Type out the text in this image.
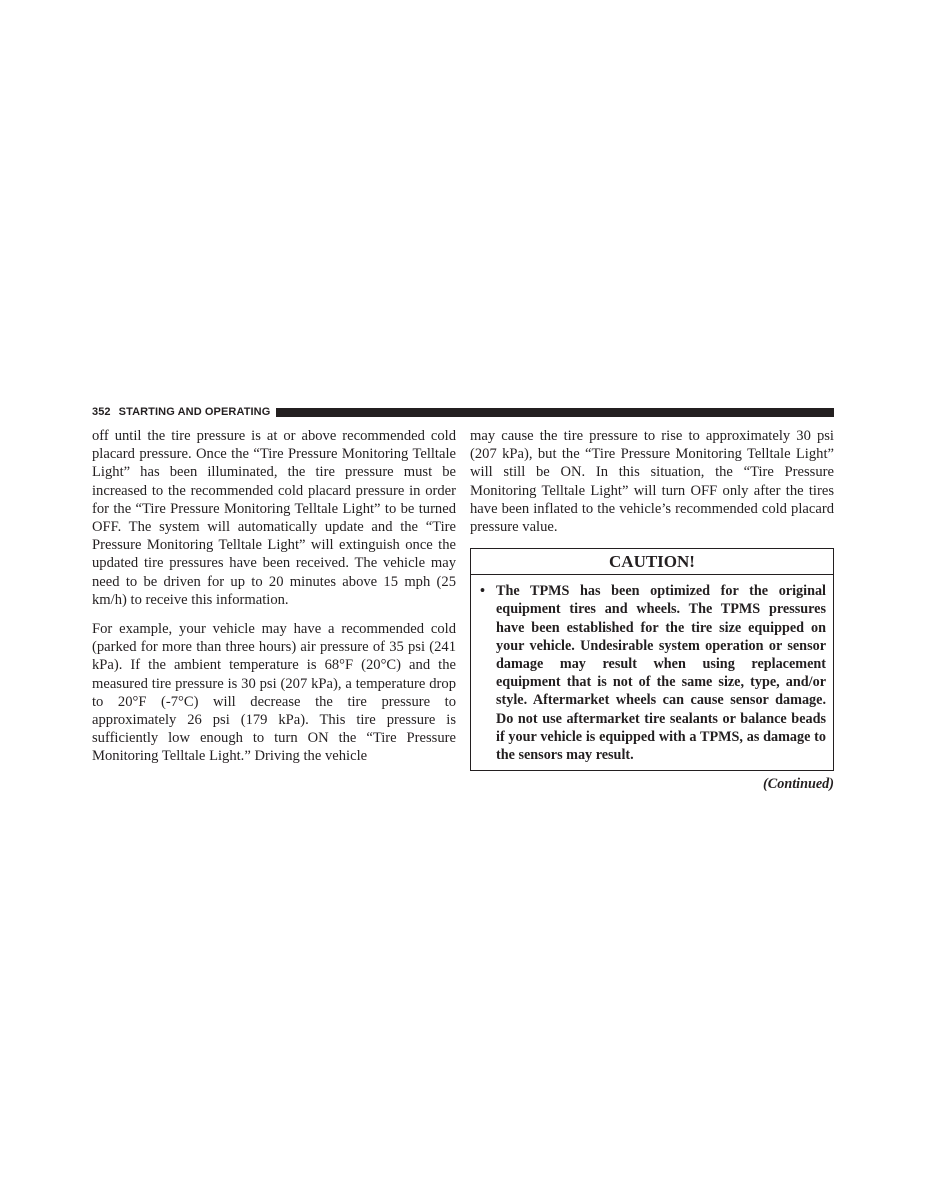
352 STARTING AND OPERATING

off until the tire pressure is at or above recommended cold placard pressure. Once the “Tire Pressure Monitoring Telltale Light” has been illuminated, the tire pressure must be increased to the recommended cold placard pressure in order for the “Tire Pressure Monitoring Telltale Light” to be turned OFF. The system will automatically update and the “Tire Pressure Monitoring Telltale Light” will extinguish once the updated tire pressures have been received. The vehicle may need to be driven for up to 20 minutes above 15 mph (25 km/h) to receive this information.

For example, your vehicle may have a recommended cold (parked for more than three hours) air pressure of 35 psi (241 kPa). If the ambient temperature is 68°F (20°C) and the measured tire pressure is 30 psi (207 kPa), a temperature drop to 20°F (-7°C) will decrease the tire pressure to approximately 26 psi (179 kPa). This tire pressure is sufficiently low enough to turn ON the “Tire Pressure Monitoring Telltale Light.” Driving the vehicle

may cause the tire pressure to rise to approximately 30 psi (207 kPa), but the “Tire Pressure Monitoring Telltale Light” will still be ON. In this situation, the “Tire Pressure Monitoring Telltale Light” will turn OFF only after the tires have been inflated to the vehicle’s recommended cold placard pressure value.

CAUTION!
• The TPMS has been optimized for the original equipment tires and wheels. The TPMS pressures have been established for the tire size equipped on your vehicle. Undesirable system operation or sensor damage may result when using replacement equipment that is not of the same size, type, and/or style. Aftermarket wheels can cause sensor damage. Do not use aftermarket tire sealants or balance beads if your vehicle is equipped with a TPMS, as damage to the sensors may result.
(Continued)
